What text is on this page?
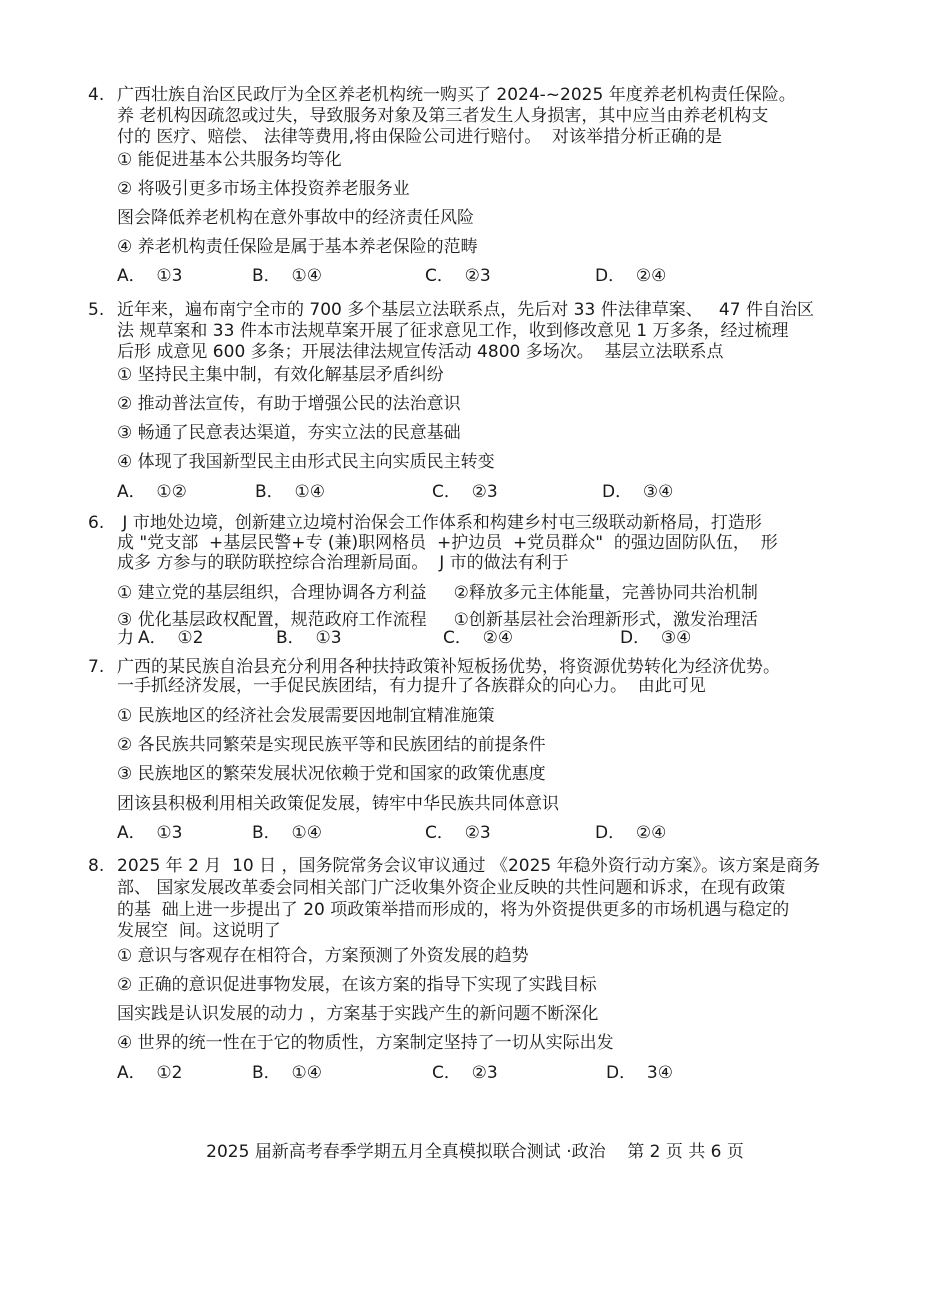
4. 广西壮族自治区民政厅为全区养老机构统一购买了 2024-~2025 年度养老机构责任保险。
养 老机构因疏忽或过失，导致服务对象及第三者发生人身损害，其中应当由养老机构支
付的 医疗、赔偿、 法律等费用,将由保险公司进行赔付。  对该举措分析正确的是
① 能促进基本公共服务均等化
② 将吸引更多市场主体投资养老服务业
图会降低养老机构在意外事故中的经济责任风险
④ 养老机构责任保险是属于基本养老保险的范畴
A．  ①3	B．  ①④	C．  ②3	D．  ②④
5. 近年来，遍布南宁全市的 700 多个基层立法联系点，先后对 33 件法律草案、   47 件自治区
法 规草案和 33 件本市法规草案开展了征求意见工作，收到修改意见 1 万多条，经过梳理
后形 成意见 600 多条；开展法律法规宣传活动 4800 多场次。  基层立法联系点
① 坚持民主集中制，有效化解基层矛盾纠纷
② 推动普法宣传，有助于增强公民的法治意识
③ 畅通了民意表达渠道，夯实立法的民意基础
④ 体现了我国新型民主由形式民主向实质民主转变
A．  ①②	B．  ①④	C．  ②3	D．  ③④
6. J 市地处边境，创新建立边境村治保会工作体系和构建乡村屯三级联动新格局，打造形
成 "党支部  +基层民警+专 (兼)职网格员  +护边员  +党员群众"  的强边固防队伍，  形
成多 方参与的联防联控综合治理新局面。  J 市的做法有利于
① 建立党的基层组织，合理协调各方利益     ②释放多元主体能量，完善协同共治机制
③ 优化基层政权配置，规范政府工作流程     ①创新基层社会治理新形式，激发治理活
力 A．  ①2	B．  ①3	C．  ②④	D．  ③④
7. 广西的某民族自治县充分利用各种扶持政策补短板扬优势，将资源优势转化为经济优势。
一手抓经济发展，一手促民族团结，有力提升了各族群众的向心力。  由此可见
① 民族地区的经济社会发展需要因地制宜精准施策
② 各民族共同繁荣是实现民族平等和民族团结的前提条件
③ 民族地区的繁荣发展状况依赖于党和国家的政策优惠度
团该县积极利用相关政策促发展，铸牢中华民族共同体意识
A．  ①3	B．  ①④	C．  ②3	D．  ②④
8. 2025 年 2 月  10 日 ，国务院常务会议审议通过 《2025 年稳外资行动方案》。该方案是商务
部、 国家发展改革委会同相关部门广泛收集外资企业反映的共性问题和诉求，在现有政策
的基  础上进一步提出了 20 项政策举措而形成的，将为外资提供更多的市场机遇与稳定的
发展空  间。这说明了
① 意识与客观存在相符合，方案预测了外资发展的趋势
② 正确的意识促进事物发展，在该方案的指导下实现了实践目标
国实践是认识发展的动力 ，方案基于实践产生的新问题不断深化
④ 世界的统一性在于它的物质性，方案制定坚持了一切从实际出发
A．  ①2	B．  ①④	C．  ②3	D．  3④
2025 届新高考春季学期五月全真模拟联合测试 ·政治    第 2 页 共 6 页
